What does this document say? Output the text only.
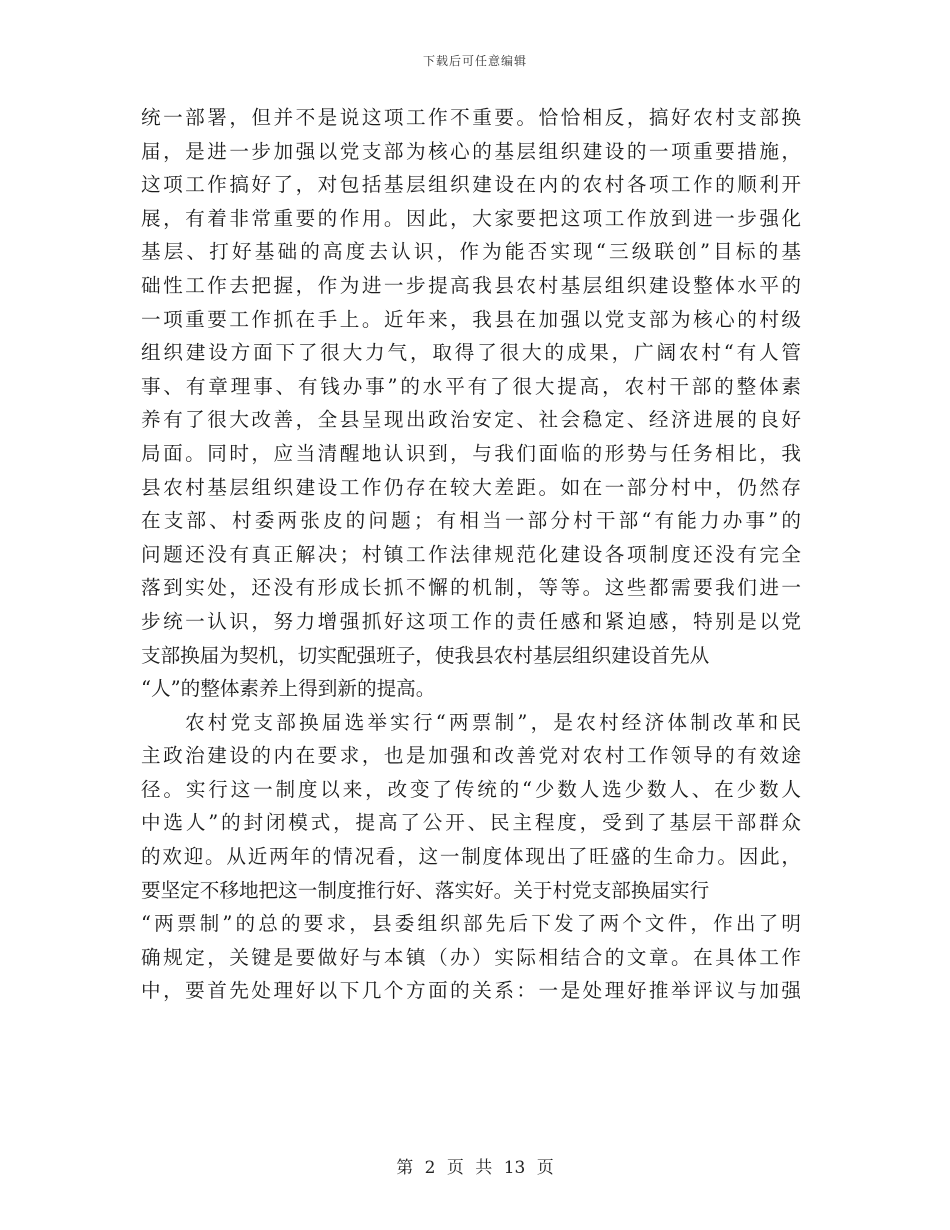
下载后可任意编辑
统一部署，但并不是说这项工作不重要。恰恰相反，搞好农村支部换
届，是进一步加强以党支部为核心的基层组织建设的一项重要措施，
这项工作搞好了，对包括基层组织建设在内的农村各项工作的顺利开
展，有着非常重要的作用。因此，大家要把这项工作放到进一步强化
基层、打好基础的高度去认识，作为能否实现“三级联创”目标的基
础性工作去把握，作为进一步提高我县农村基层组织建设整体水平的
一项重要工作抓在手上。近年来，我县在加强以党支部为核心的村级
组织建设方面下了很大力气，取得了很大的成果，广阔农村“有人管
事、有章理事、有钱办事”的水平有了很大提高，农村干部的整体素
养有了很大改善，全县呈现出政治安定、社会稳定、经济进展的良好
局面。同时，应当清醒地认识到，与我们面临的形势与任务相比，我
县农村基层组织建设工作仍存在较大差距。如在一部分村中，仍然存
在支部、村委两张皮的问题；有相当一部分村干部“有能力办事”的
问题还没有真正解决；村镇工作法律规范化建设各项制度还没有完全
落到实处，还没有形成长抓不懈的机制，等等。这些都需要我们进一
步统一认识，努力增强抓好这项工作的责任感和紧迫感，特别是以党
支部换届为契机，切实配强班子，使我县农村基层组织建设首先从
“人”的整体素养上得到新的提高。
农村党支部换届选举实行“两票制”，是农村经济体制改革和民
主政治建设的内在要求，也是加强和改善党对农村工作领导的有效途
径。实行这一制度以来，改变了传统的“少数人选少数人、在少数人
中选人”的封闭模式，提高了公开、民主程度，受到了基层干部群众
的欢迎。从近两年的情况看，这一制度体现出了旺盛的生命力。因此，
要坚定不移地把这一制度推行好、落实好。关于村党支部换届实行
“两票制”的总的要求，县委组织部先后下发了两个文件，作出了明
确规定，关键是要做好与本镇（办）实际相结合的文章。在具体工作
中，要首先处理好以下几个方面的关系：一是处理好推举评议与加强
第 2 页 共 13 页
